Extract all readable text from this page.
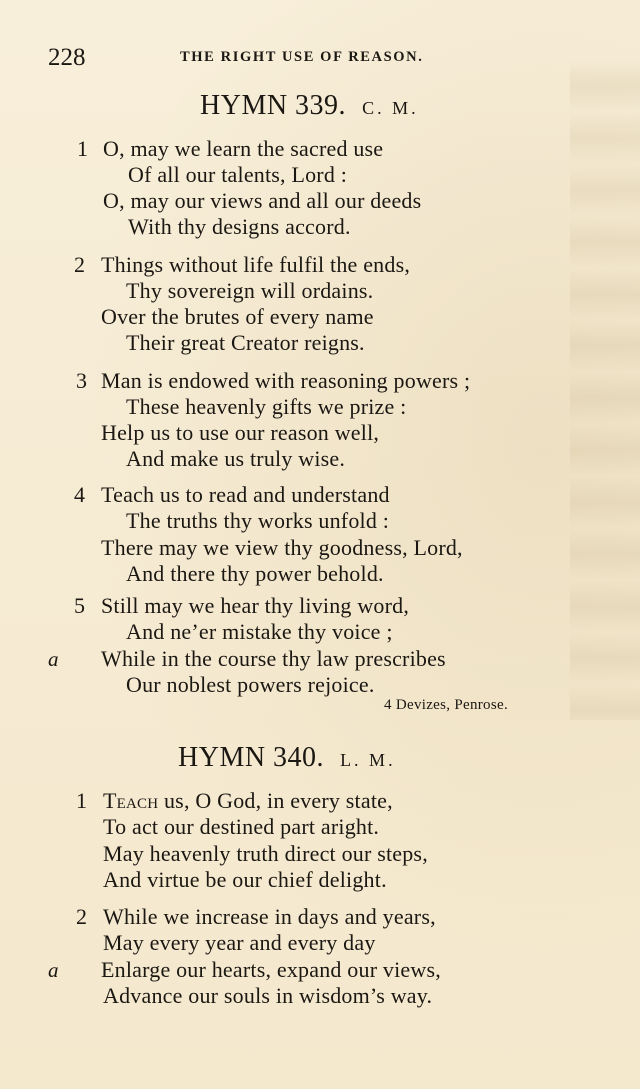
228	THE RIGHT USE OF REASON.
HYMN 339. C. M.
1 O, may we learn the sacred use
Of all our talents, Lord :
O, may our views and all our deeds
With thy designs accord.
2 Things without life fulfil the ends,
Thy sovereign will ordains.
Over the brutes of every name
Their great Creator reigns.
3 Man is endowed with reasoning powers ;
These heavenly gifts we prize :
Help us to use our reason well,
And make us truly wise.
4 Teach us to read and understand
The truths thy works unfold :
There may we view thy goodness, Lord,
And there thy power behold.
5 Still may we hear thy living word,
And ne’er mistake thy voice ;
a While in the course thy law prescribes
Our noblest powers rejoice.
4 Devizes, Penrose.
HYMN 340. L. M.
1 Teach us, O God, in every state,
To act our destined part aright.
May heavenly truth direct our steps,
And virtue be our chief delight.
2 While we increase in days and years,
May every year and every day
a Enlarge our hearts, expand our views,
Advance our souls in wisdom’s way.
